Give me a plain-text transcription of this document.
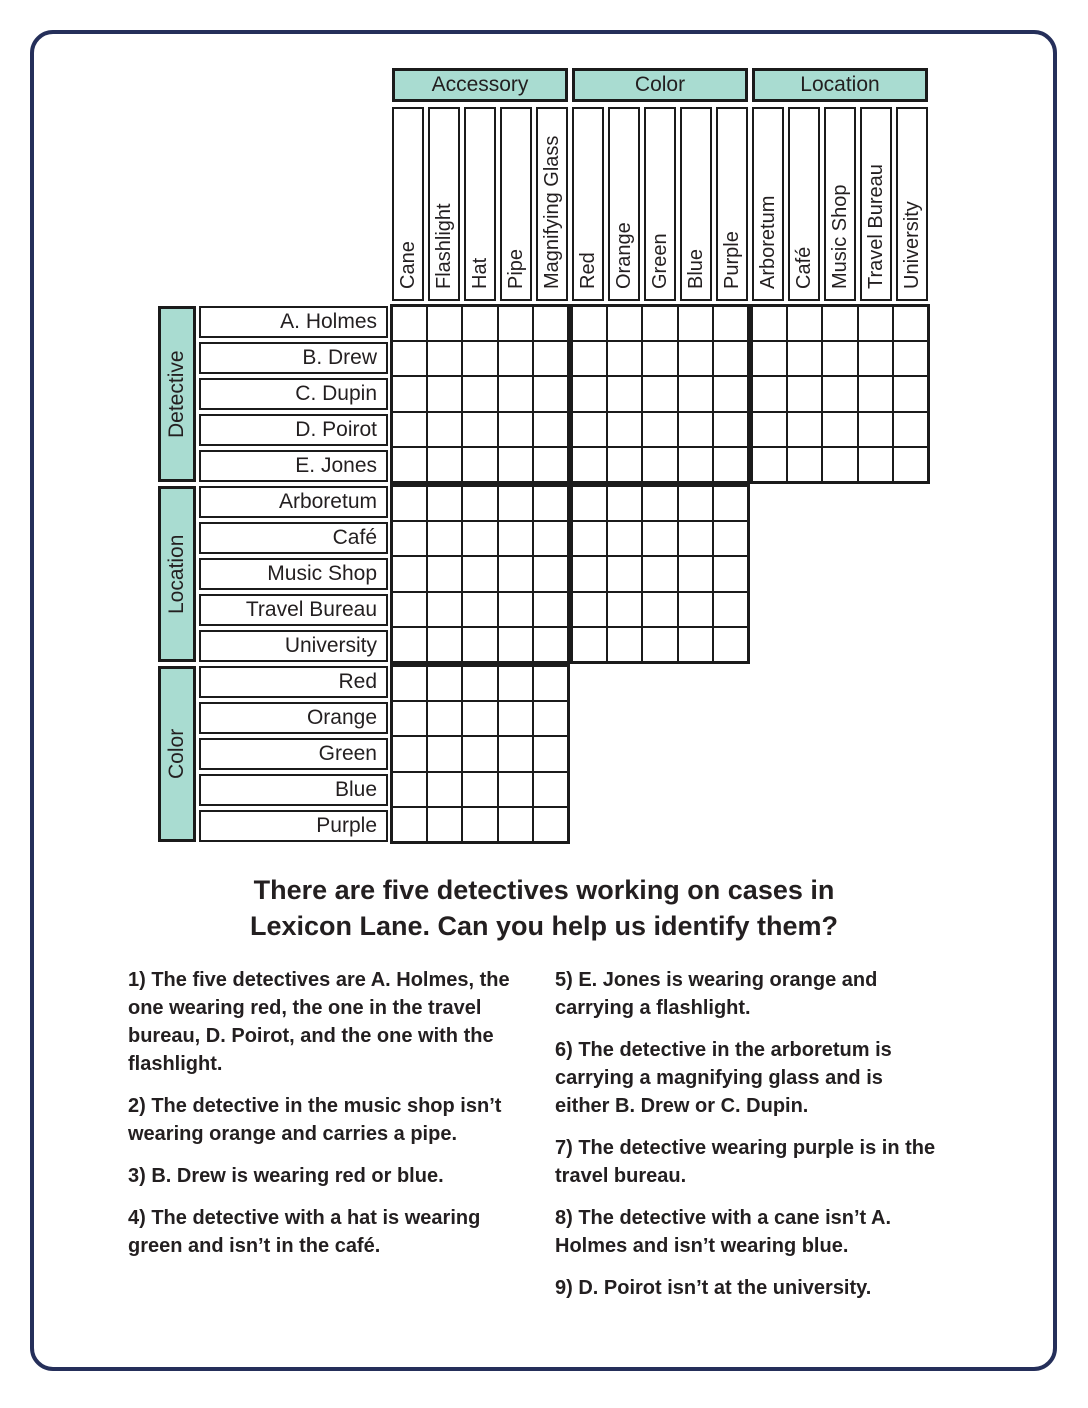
Accessory
Cane Flashlight Hat Pipe Magnifying Glass
Color
Red Orange Green Blue Purple
Location
Arboretum Café Music Shop Travel Bureau University
Detective
A. Holmes
B. Drew
C. Dupin
D. Poirot
E. Jones
Location
Arboretum
Café
Music Shop
Travel Bureau
University
Color
Red
Orange
Green
Blue
Purple
There are five detectives working on cases in
Lexicon Lane. Can you help us identify them?

1) The five detectives are A. Holmes, the one wearing red, the one in the travel bureau, D. Poirot, and the one with the flashlight.

2) The detective in the music shop isn’t wearing orange and carries a pipe.

3) B. Drew is wearing red or blue.

4) The detective with a hat is wearing green and isn’t in the café.

5) E. Jones is wearing orange and carrying a flashlight.

6) The detective in the arboretum is carrying a magnifying glass and is either B. Drew or C. Dupin.

7) The detective wearing purple is in the travel bureau.

8) The detective with a cane isn’t A. Holmes and isn’t wearing blue.

9) D. Poirot isn’t at the university.
